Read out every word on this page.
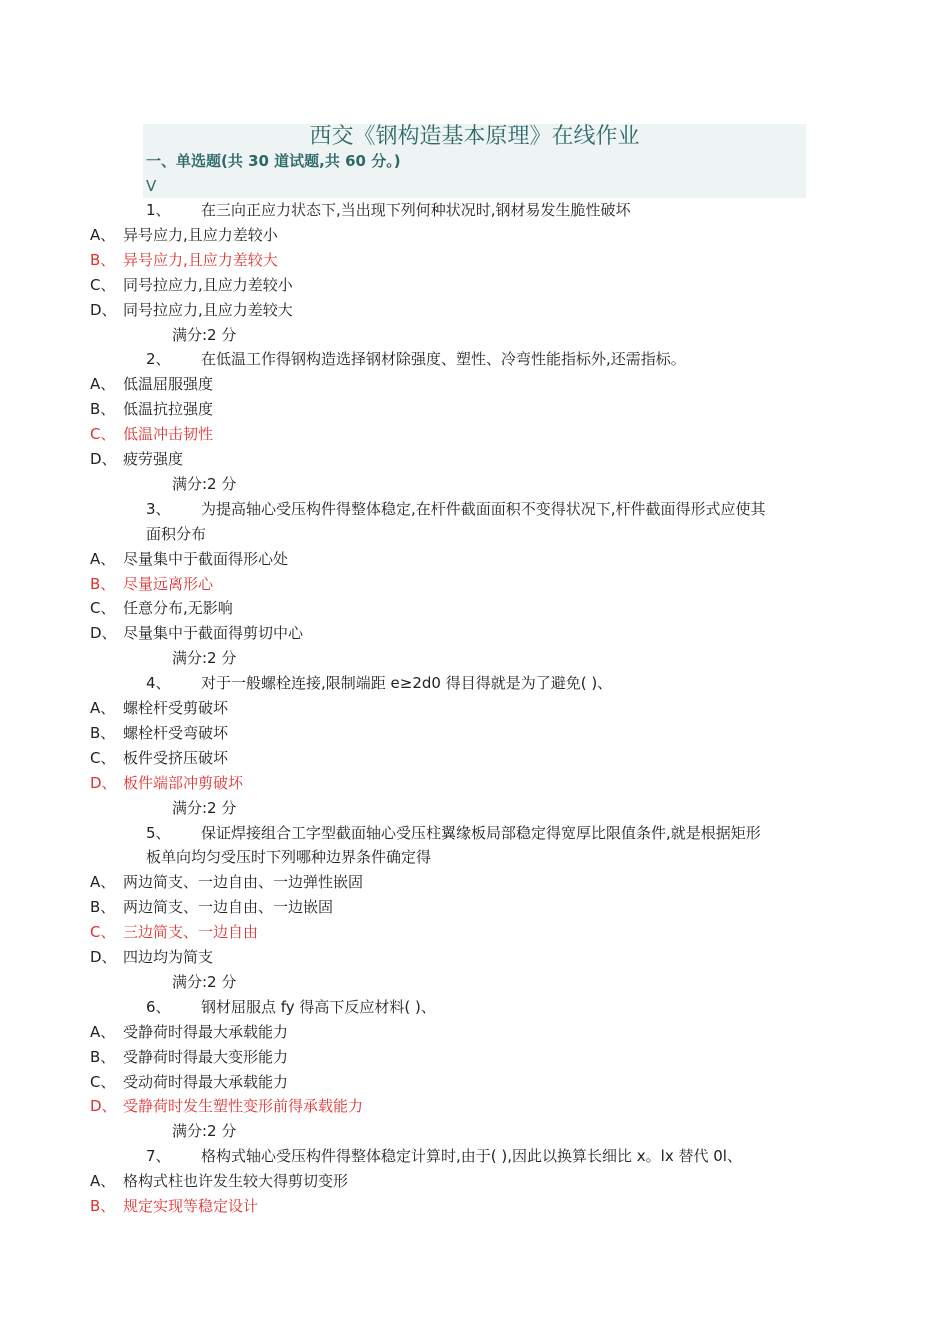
西交《钢构造基本原理》在线作业
一、单选题(共 30 道试题,共 60 分。)
V
1、 在三向正应力状态下,当出现下列何种状况时,钢材易发生脆性破坏
A、 异号应力,且应力差较小
B、 异号应力,且应力差较大
C、 同号拉应力,且应力差较小
D、 同号拉应力,且应力差较大
满分:2 分
2、 在低温工作得钢构造选择钢材除强度、塑性、冷弯性能指标外,还需指标。
A、 低温屈服强度
B、 低温抗拉强度
C、 低温冲击韧性
D、 疲劳强度
满分:2 分
3、 为提高轴心受压构件得整体稳定,在杆件截面面积不变得状况下,杆件截面得形式应使其
面积分布
A、 尽量集中于截面得形心处
B、 尽量远离形心
C、 任意分布,无影响
D、 尽量集中于截面得剪切中心
满分:2 分
4、 对于一般螺栓连接,限制端距 e≥2d0 得目得就是为了避免( )、
A、 螺栓杆受剪破坏
B、 螺栓杆受弯破坏
C、 板件受挤压破坏
D、 板件端部冲剪破坏
满分:2 分
5、 保证焊接组合工字型截面轴心受压柱翼缘板局部稳定得宽厚比限值条件,就是根据矩形
板单向均匀受压时下列哪种边界条件确定得
A、 两边简支、一边自由、一边弹性嵌固
B、 两边简支、一边自由、一边嵌固
C、 三边简支、一边自由
D、 四边均为简支
满分:2 分
6、 钢材屈服点 fy 得高下反应材料( )、
A、 受静荷时得最大承载能力
B、 受静荷时得最大变形能力
C、 受动荷时得最大承载能力
D、 受静荷时发生塑性变形前得承载能力
满分:2 分
7、 格构式轴心受压构件得整体稳定计算时,由于( ),因此以换算长细比 x。lx 替代 0l、
A、 格构式柱也许发生较大得剪切变形
B、 规定实现等稳定设计
